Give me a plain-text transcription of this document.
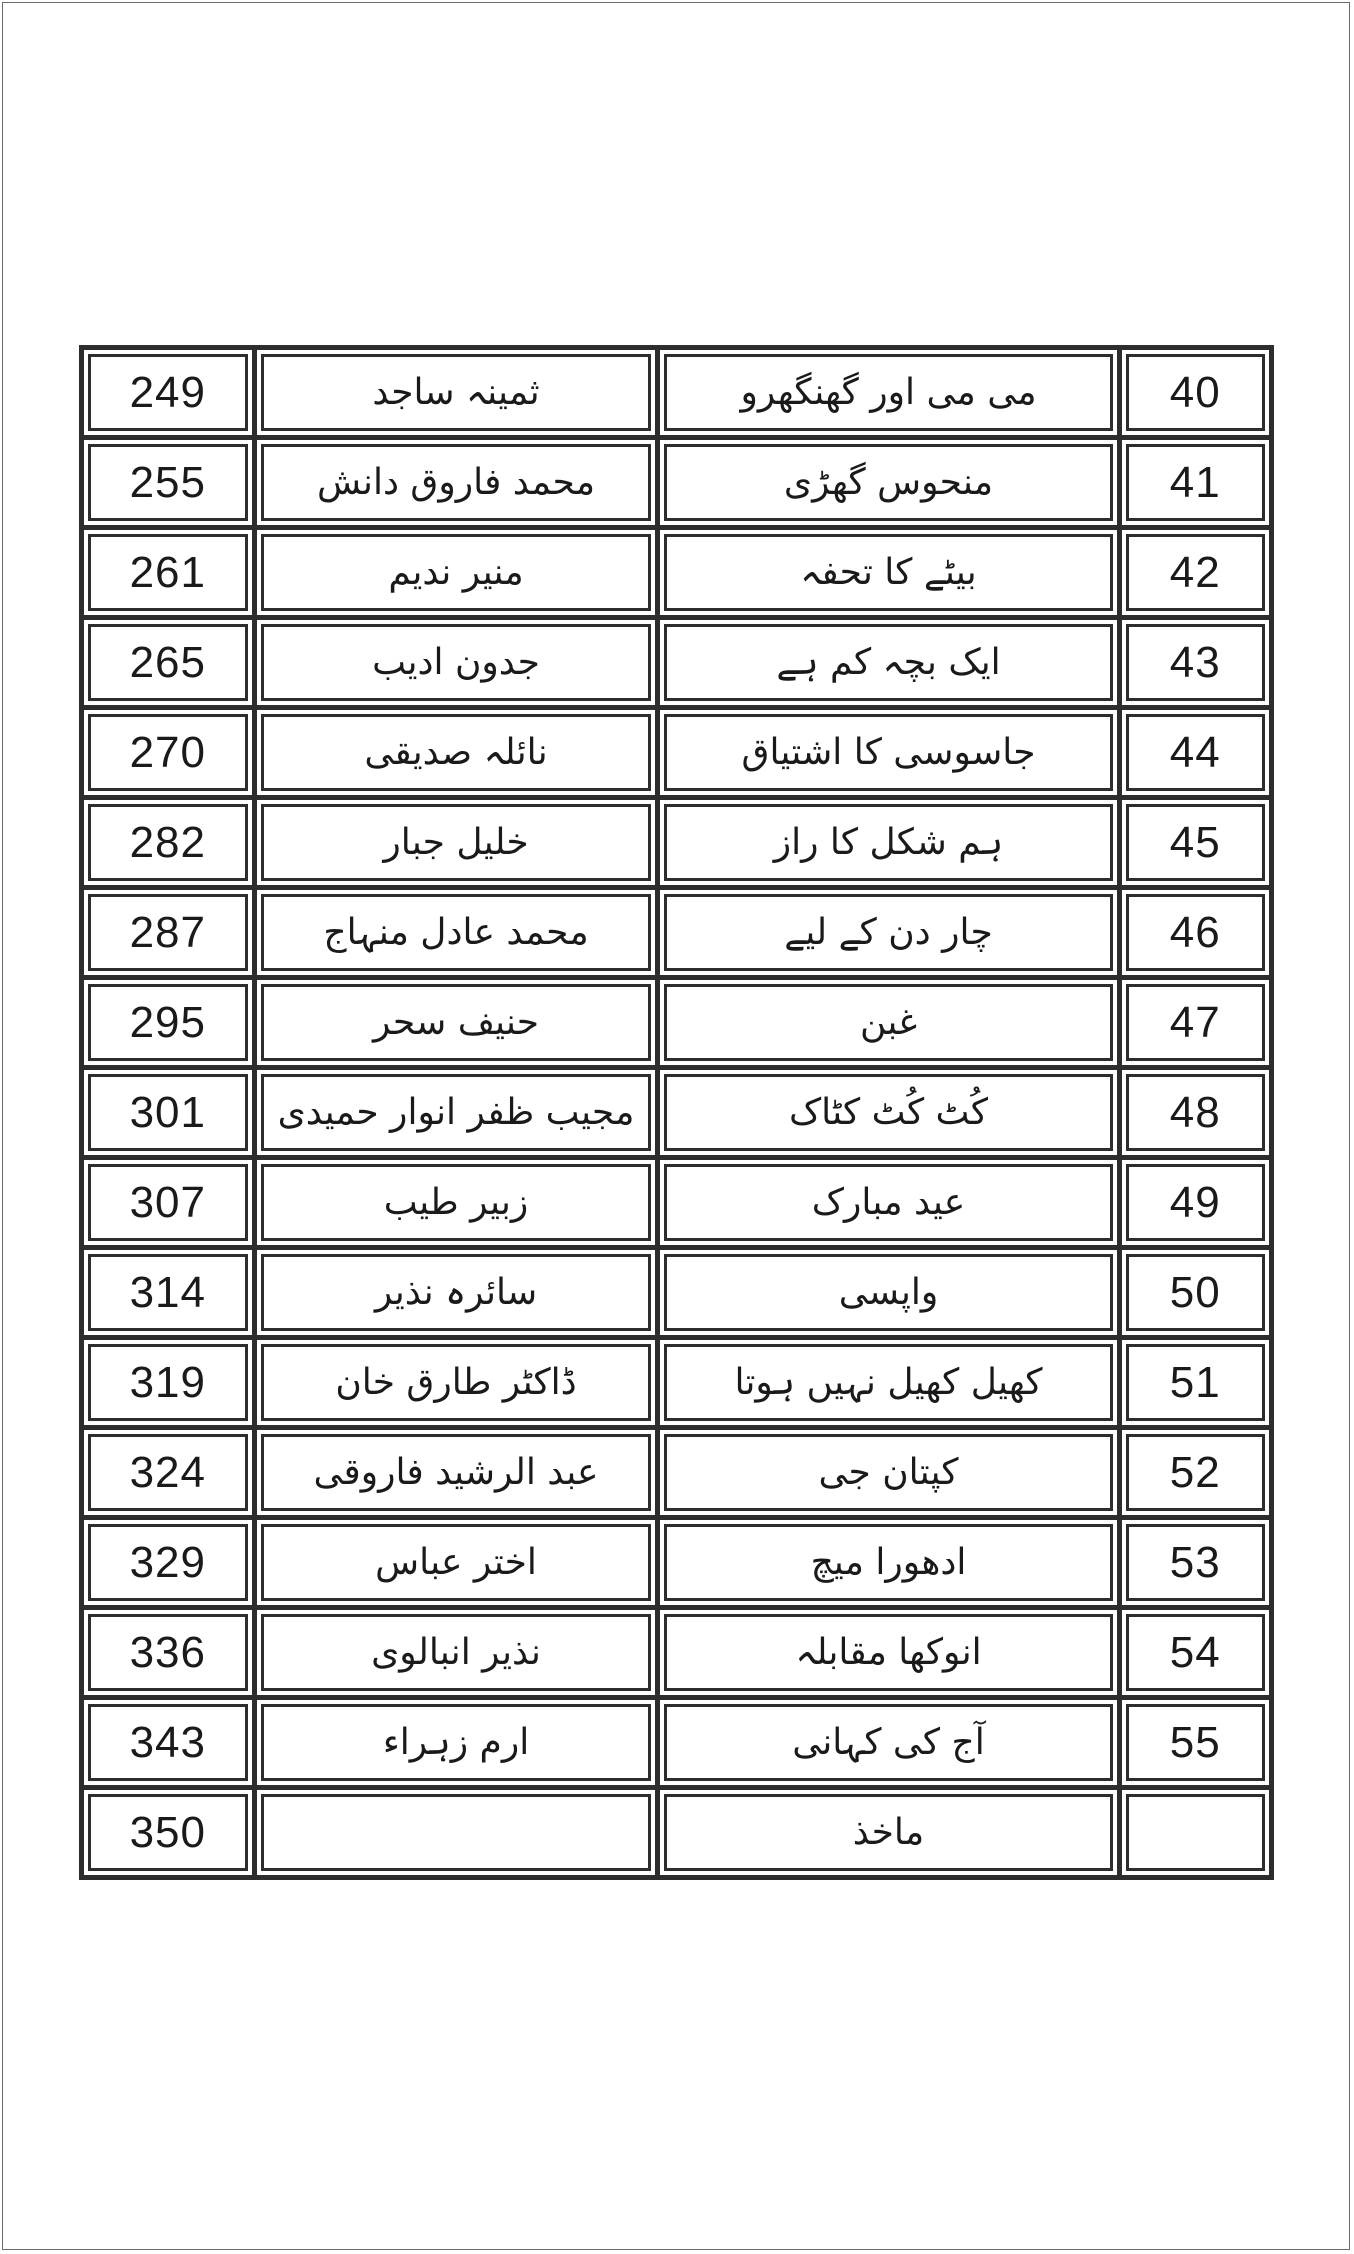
249	ثمینہ ساجد	می می اور گھنگھرو	40
255	محمد فاروق دانش	منحوس گھڑی	41
261	منیر ندیم	بیٹے کا تحفہ	42
265	جدون ادیب	ایک بچہ کم ہے	43
270	نائلہ صدیقی	جاسوسی کا اشتیاق	44
282	خلیل جبار	ہم شکل کا راز	45
287	محمد عادل منہاج	چار دن کے لیے	46
295	حنیف سحر	غبن	47
301	مجیب ظفر انوار حمیدی	کُٹ کُٹ کٹاک	48
307	زبیر طیب	عید مبارک	49
314	سائرہ نذیر	واپسی	50
319	ڈاکٹر طارق خان	کھیل کھیل نہیں ہوتا	51
324	عبد الرشید فاروقی	کپتان جی	52
329	اختر عباس	ادھورا میچ	53
336	نذیر انبالوی	انوکھا مقابلہ	54
343	ارم زہراء	آج کی کہانی	55
350		ماخذ	
